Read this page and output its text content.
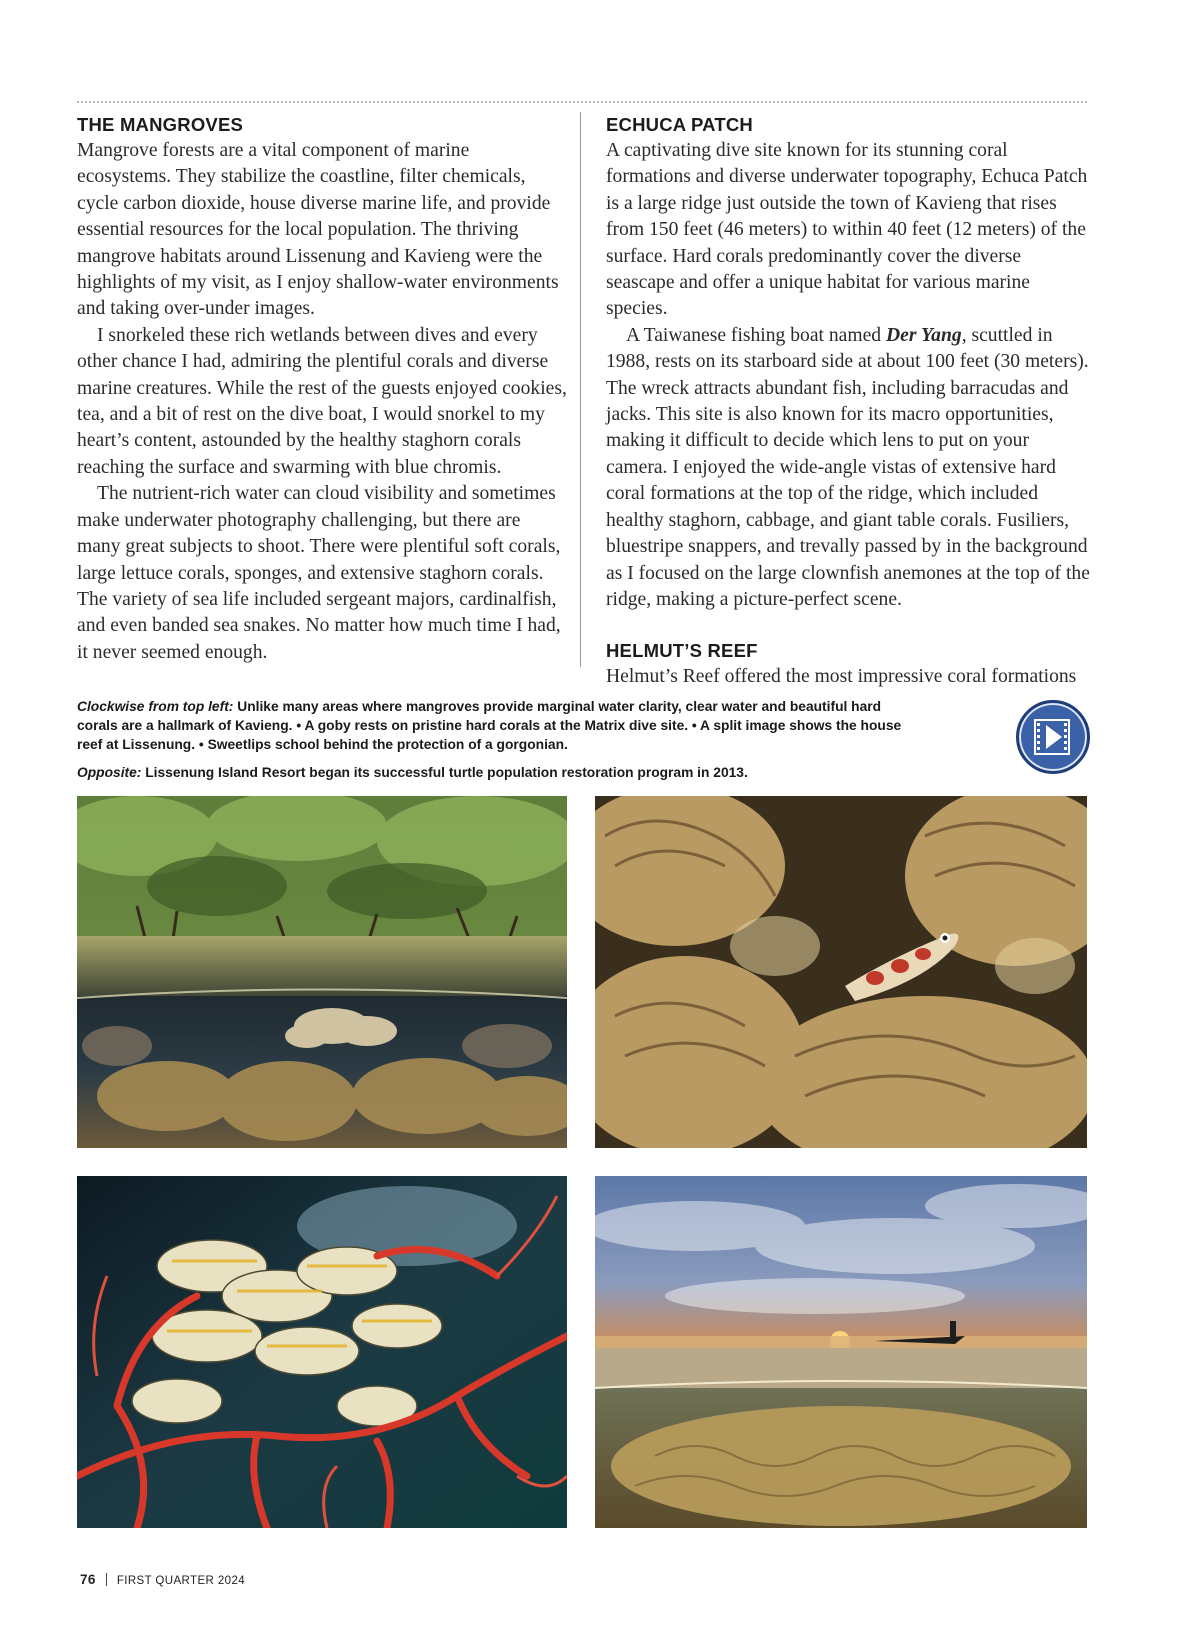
THE MANGROVES

Mangrove forests are a vital component of marine ecosystems. They stabilize the coastline, filter chemicals, cycle carbon dioxide, house diverse marine life, and provide essential resources for the local population. The thriving mangrove habitats around Lissenung and Kavieng were the highlights of my visit, as I enjoy shallow-water environments and taking over-under images.

I snorkeled these rich wetlands between dives and every other chance I had, admiring the plentiful corals and diverse marine creatures. While the rest of the guests enjoyed cookies, tea, and a bit of rest on the dive boat, I would snorkel to my heart’s content, astounded by the healthy staghorn corals reaching the surface and swarming with blue chromis.

The nutrient-rich water can cloud visibility and sometimes make underwater photography challenging, but there are many great subjects to shoot. There were plentiful soft corals, large lettuce corals, sponges, and extensive staghorn corals. The variety of sea life included sergeant majors, cardinalfish, and even banded sea snakes. No matter how much time I had, it never seemed enough.

ECHUCA PATCH

A captivating dive site known for its stunning coral formations and diverse underwater topography, Echuca Patch is a large ridge just outside the town of Kavieng that rises from 150 feet (46 meters) to within 40 feet (12 meters) of the surface. Hard corals predominantly cover the diverse seascape and offer a unique habitat for various marine species.

A Taiwanese fishing boat named Der Yang, scuttled in 1988, rests on its starboard side at about 100 feet (30 meters). The wreck attracts abundant fish, including barracudas and jacks. This site is also known for its macro opportunities, making it difficult to decide which lens to put on your camera. I enjoyed the wide-angle vistas of extensive hard coral formations at the top of the ridge, which included healthy staghorn, cabbage, and giant table corals. Fusiliers, bluestripe snappers, and trevally passed by in the background as I focused on the large clownfish anemones at the top of the ridge, making a picture-perfect scene.

HELMUT’S REEF

Helmut’s Reef offered the most impressive coral formations

Clockwise from top left: Unlike many areas where mangroves provide marginal water clarity, clear water and beautiful hard corals are a hallmark of Kavieng. • A goby rests on pristine hard corals at the Matrix dive site. • A split image shows the house reef at Lissenung. • Sweetlips school behind the protection of a gorgonian.

Opposite: Lissenung Island Resort began its successful turtle population restoration program in 2013.

76 FIRST QUARTER 2024
